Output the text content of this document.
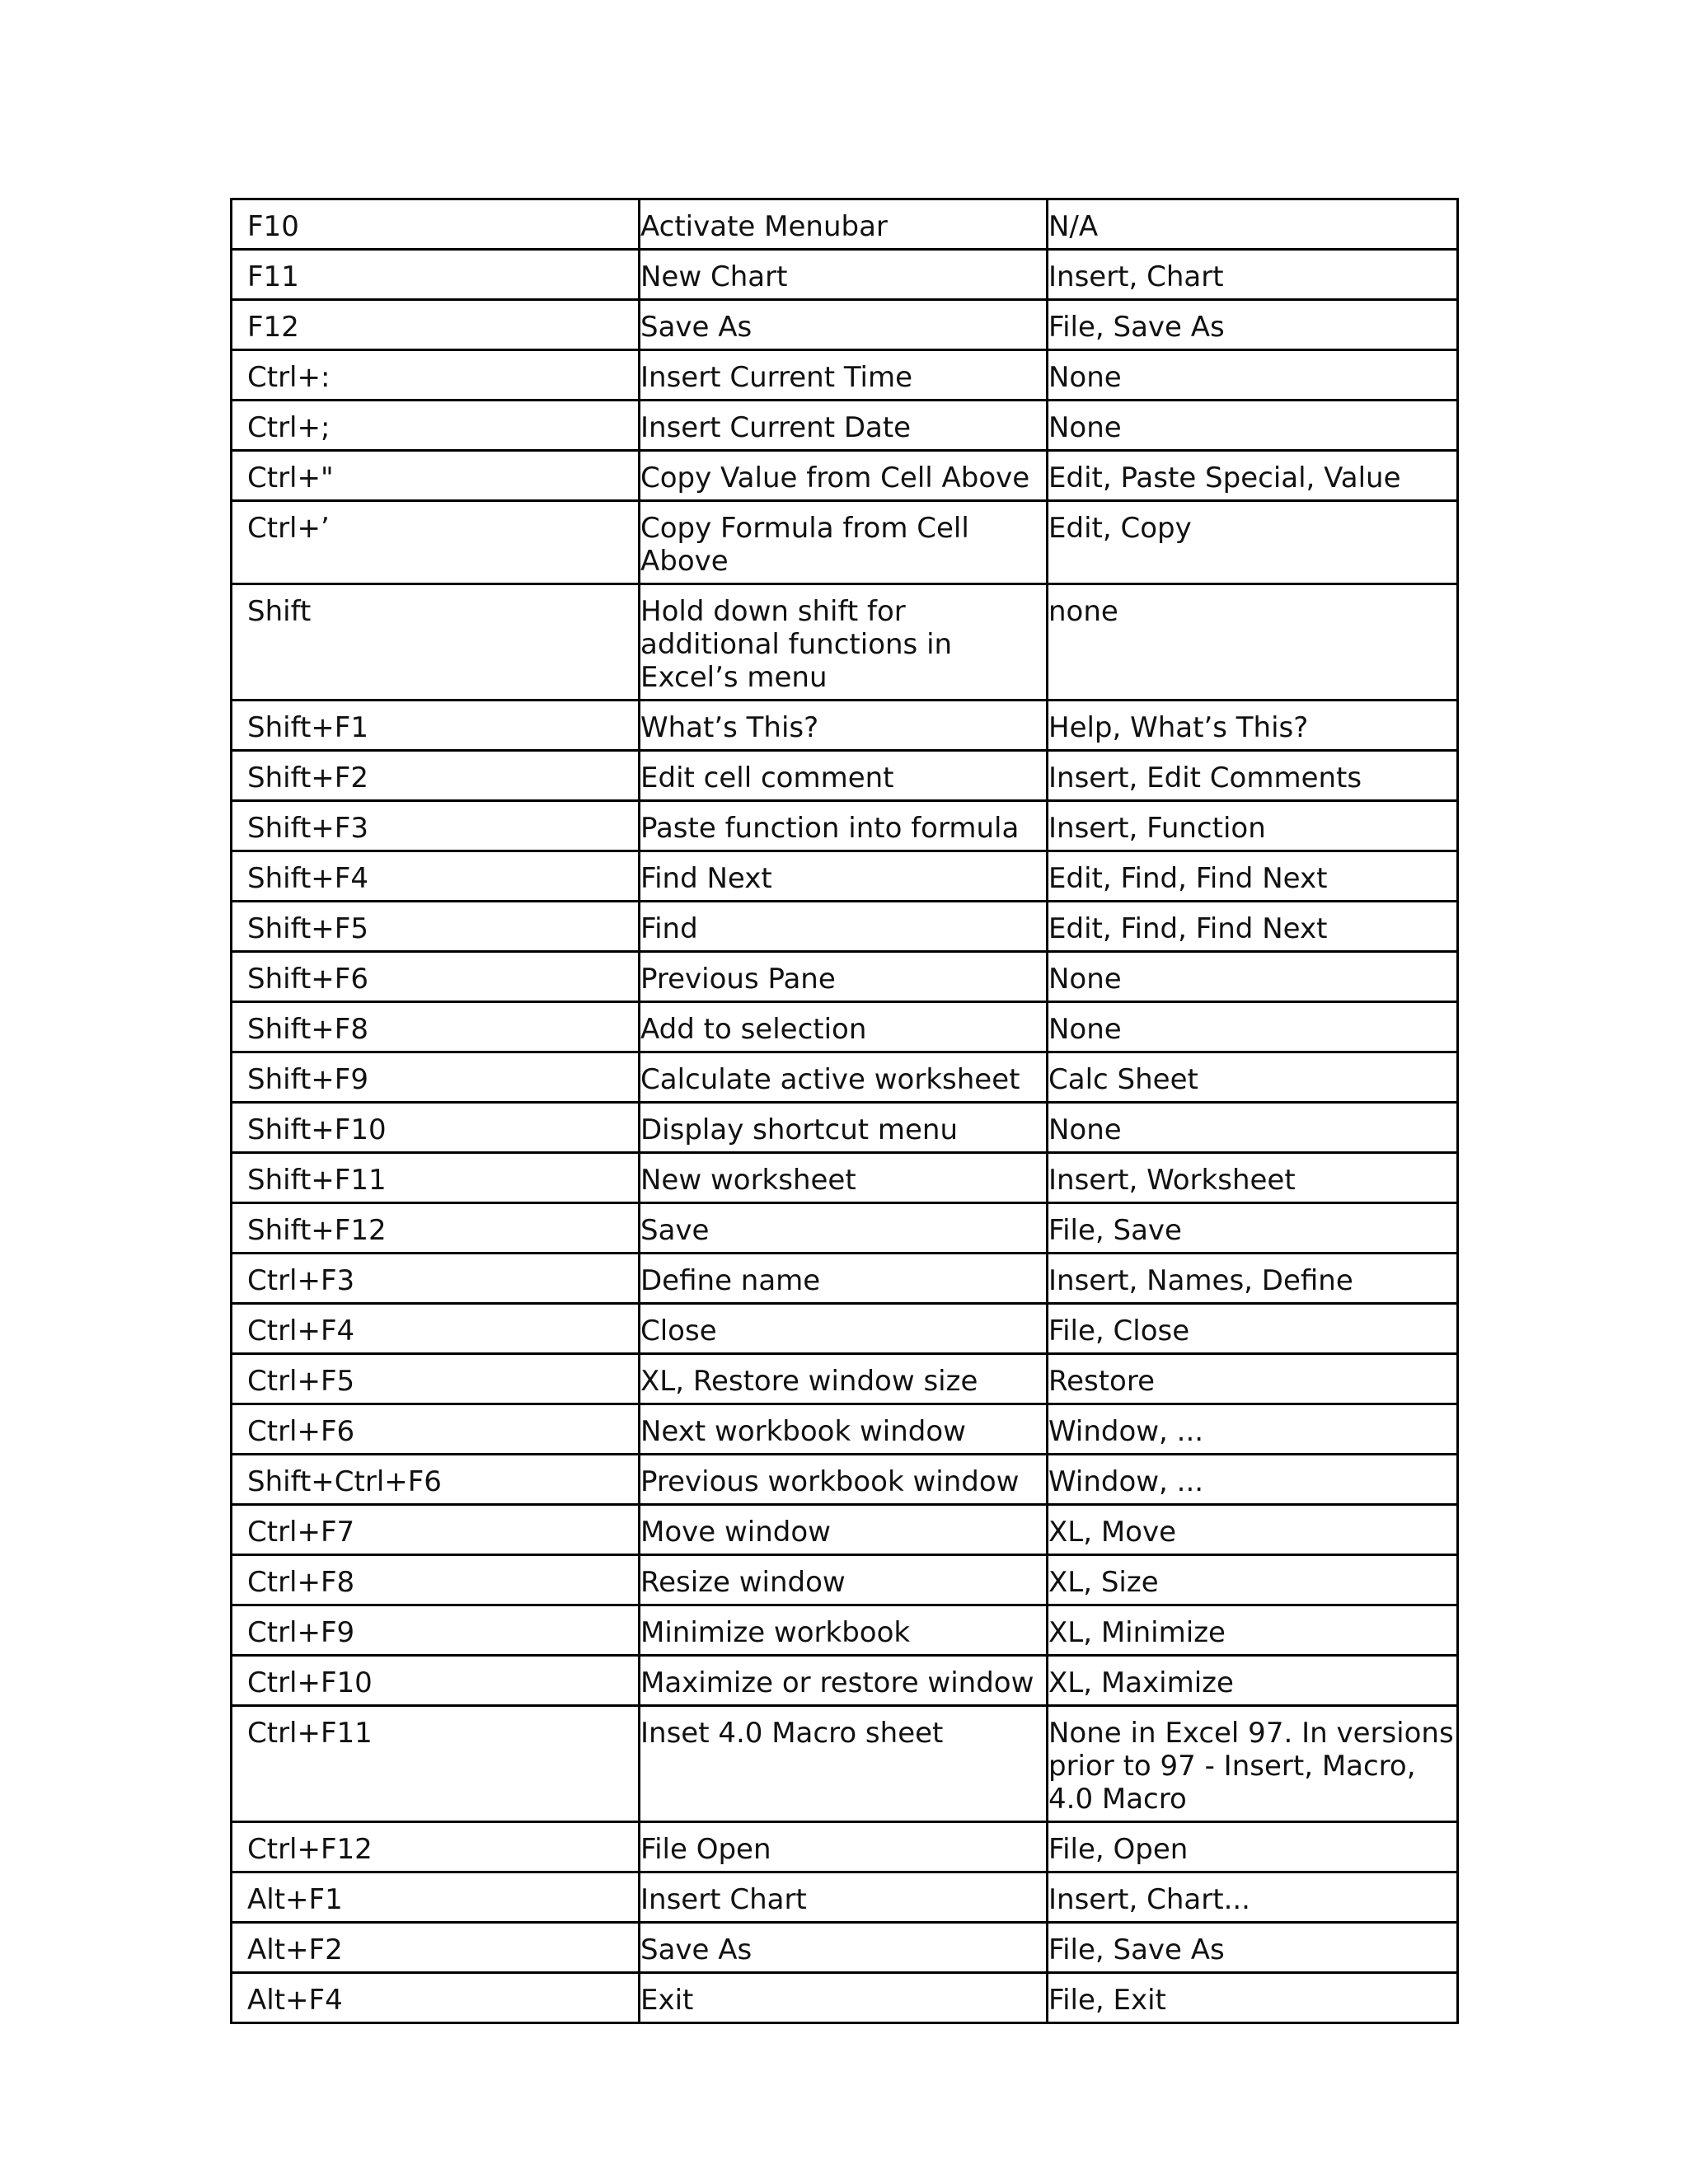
F10	Activate Menubar	N/A
F11	New Chart	Insert, Chart
F12	Save As	File, Save As
Ctrl+:	Insert Current Time	None
Ctrl+;	Insert Current Date	None
Ctrl+"	Copy Value from Cell Above	Edit, Paste Special, Value
Ctrl+’	Copy Formula from Cell Above	Edit, Copy
Shift	Hold down shift for additional functions in Excel’s menu	none
Shift+F1	What’s This?	Help, What’s This?
Shift+F2	Edit cell comment	Insert, Edit Comments
Shift+F3	Paste function into formula	Insert, Function
Shift+F4	Find Next	Edit, Find, Find Next
Shift+F5	Find	Edit, Find, Find Next
Shift+F6	Previous Pane	None
Shift+F8	Add to selection	None
Shift+F9	Calculate active worksheet	Calc Sheet
Shift+F10	Display shortcut menu	None
Shift+F11	New worksheet	Insert, Worksheet
Shift+F12	Save	File, Save
Ctrl+F3	Define name	Insert, Names, Define
Ctrl+F4	Close	File, Close
Ctrl+F5	XL, Restore window size	Restore
Ctrl+F6	Next workbook window	Window, ...
Shift+Ctrl+F6	Previous workbook window	Window, ...
Ctrl+F7	Move window	XL, Move
Ctrl+F8	Resize window	XL, Size
Ctrl+F9	Minimize workbook	XL, Minimize
Ctrl+F10	Maximize or restore window	XL, Maximize
Ctrl+F11	Inset 4.0 Macro sheet	None in Excel 97. In versions prior to 97 - Insert, Macro, 4.0 Macro
Ctrl+F12	File Open	File, Open
Alt+F1	Insert Chart	Insert, Chart...
Alt+F2	Save As	File, Save As
Alt+F4	Exit	File, Exit
